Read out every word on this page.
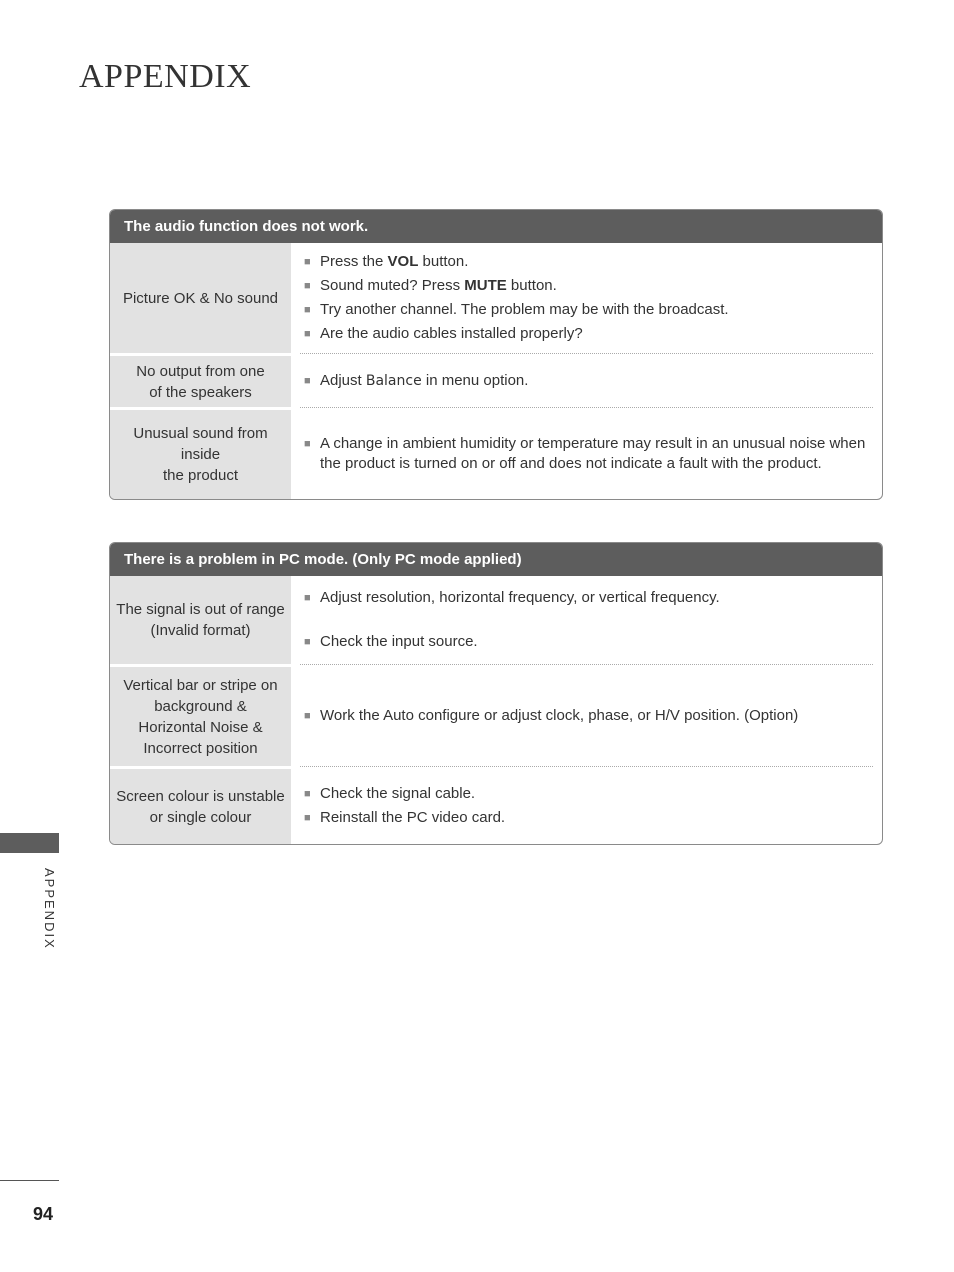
APPENDIX
The audio function does not work.
Picture OK & No sound
■ Press the VOL button.
■ Sound muted? Press MUTE button.
■ Try another channel. The problem may be with the broadcast.
■ Are the audio cables installed properly?
No output from one
of the speakers
■ Adjust Balance in menu option.
Unusual sound from
inside
the product
■ A change in ambient humidity or temperature may result in an unusual noise when the product is turned on or off and does not indicate a fault with the product.
There is a problem in PC mode. (Only PC mode applied)
The signal is out of range
(Invalid format)
■ Adjust resolution, horizontal frequency, or vertical frequency.
■ Check the input source.
Vertical bar or stripe on
background &
Horizontal Noise &
Incorrect position
■ Work the Auto configure or adjust clock, phase, or H/V position. (Option)
Screen colour is unstable
or single colour
■ Check the signal cable.
■ Reinstall the PC video card.
APPENDIX
94
